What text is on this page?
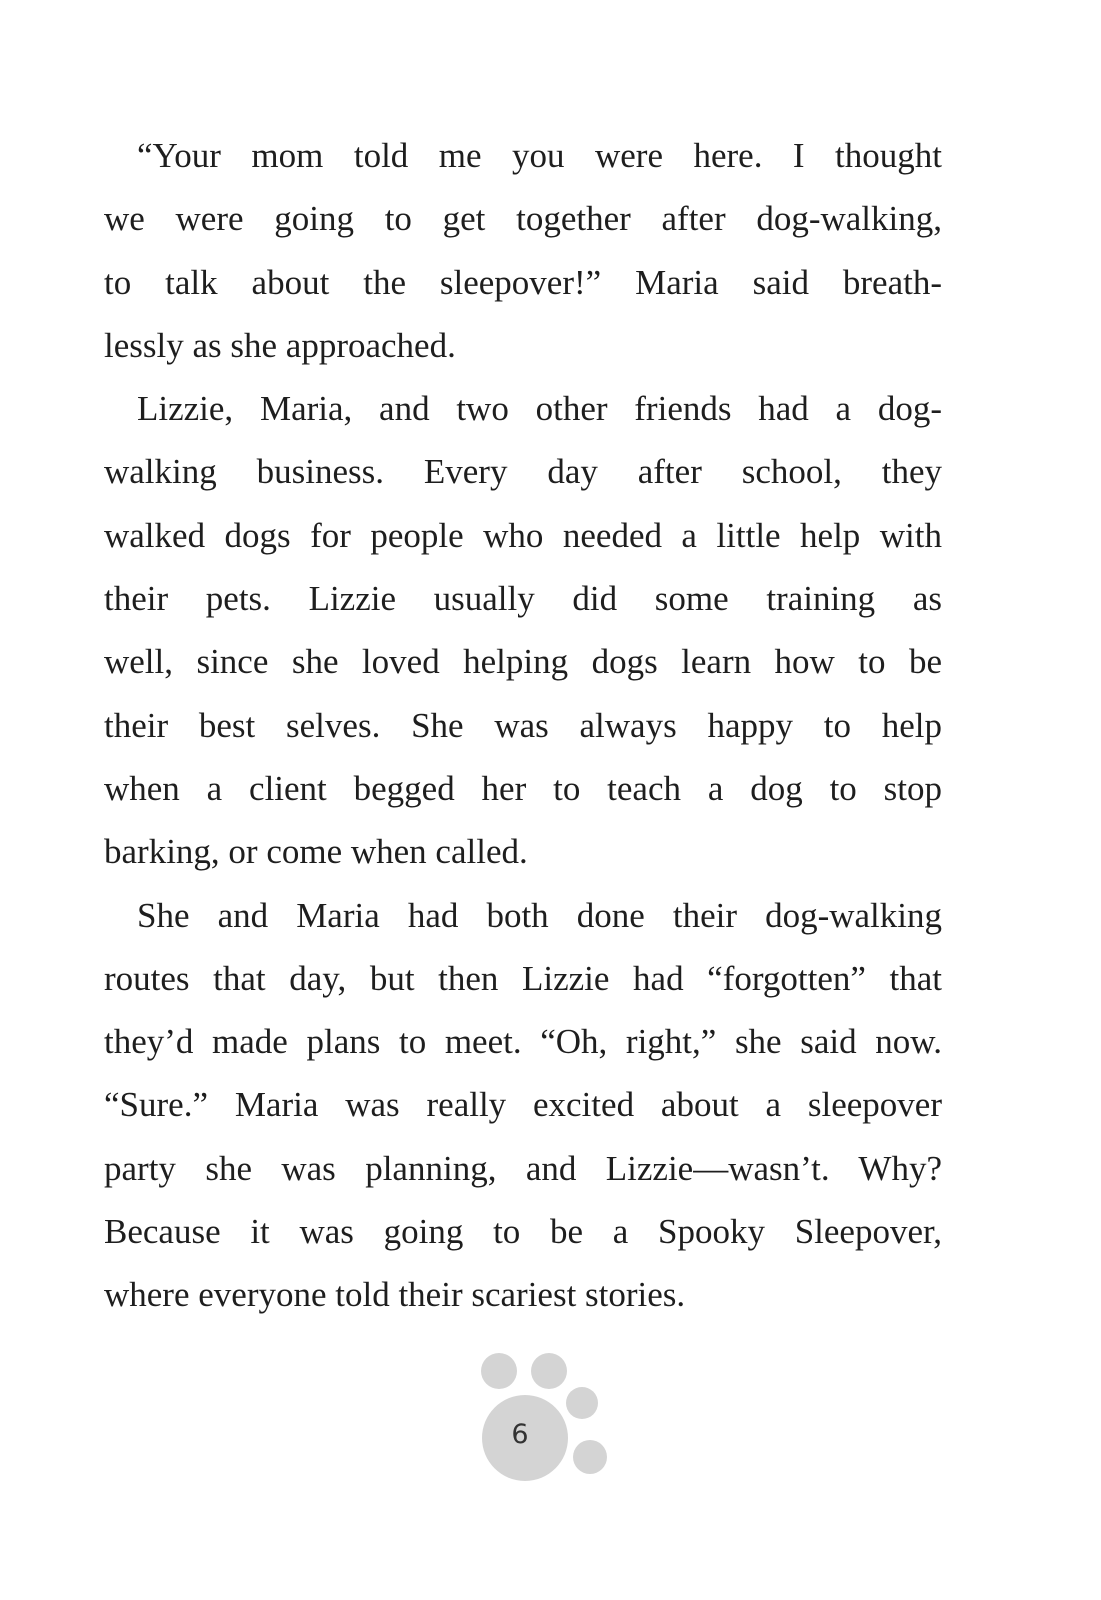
“Your mom told me you were here. I thought
we were going to get together after dog-walking,
to talk about the sleepover!” Maria said breath-
lessly as she approached.
Lizzie, Maria, and two other friends had a dog-
walking business. Every day after school, they
walked dogs for people who needed a little help with
their pets. Lizzie usually did some training as
well, since she loved helping dogs learn how to be
their best selves. She was always happy to help
when a client begged her to teach a dog to stop
barking, or come when called.
She and Maria had both done their dog-walking
routes that day, but then Lizzie had “forgotten” that
they’d made plans to meet. “Oh, right,” she said now.
“Sure.” Maria was really excited about a sleepover
party she was planning, and Lizzie—wasn’t. Why?
Because it was going to be a Spooky Sleepover,
where everyone told their scariest stories.
6
